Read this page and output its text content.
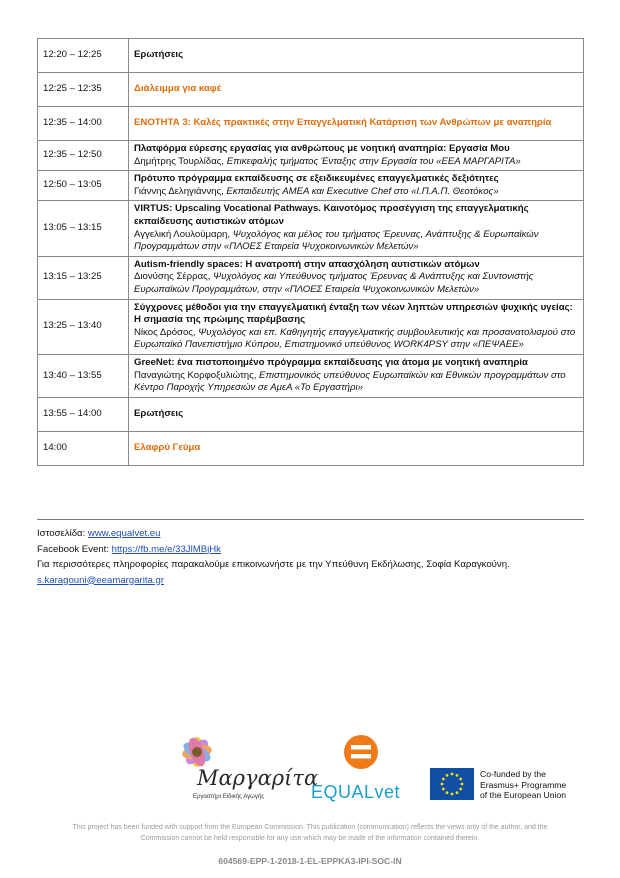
12:20 – 12:25	Ερωτήσεις

12:25 – 12:35	Διάλειμμα για καφέ

12:35 – 14:00	ΕΝΟΤΗΤΑ 3: Καλές πρακτικές στην Επαγγελματική Κατάρτιση των Ανθρώπων με αναπηρία

12:35 – 12:50	Πλατφόρμα εύρεσης εργασίας για ανθρώπους με νοητική αναπηρία: Εργασία Μου
Δημήτρης Τουρλίδας, Επικεφαλής τμήματος Ένταξης στην Εργασία του «ΕΕΑ ΜΑΡΓΑΡΙΤΑ»

12:50 – 13:05	Πρότυπο πρόγραμμα εκπαίδευσης σε εξειδικευμένες επαγγελματικές δεξιότητες
Γιάννης Δεληγιάννης, Εκπαιδευτής ΑΜΕΑ και Executive Chef στο «Ι.Π.Α.Π. Θεοτόκος»

13:05 – 13:15	VIRTUS: Upscaling Vocational Pathways. Καινοτόμος προσέγγιση της επαγγελματικής εκπαίδευσης αυτιστικών ατόμων
Αγγελική Λουλούμαρη, Ψυχολόγος και μέλος του τμήματος Έρευνας, Ανάπτυξης & Ευρωπαϊκών Προγραμμάτων στην «ΠΛΟΕΣ Εταιρεία Ψυχοκοινωνικών Μελετών»

13:15 – 13:25	Autism-friendly spaces: Η ανατροπή στην απασχόληση αυτιστικών ατόμων
Διονύσης Σέρρας, Ψυχολόγος και Υπεύθυνος τμήματος Έρευνας & Ανάπτυξης και Συντονιστής Ευρωπαϊκών Προγραμμάτων, στην «ΠΛΟΕΣ Εταιρεία Ψυχοκοινωνικών Μελετών»

13:25 – 13:40	Σύγχρονες μέθοδοι για την επαγγελματική ένταξη των νέων ληπτών υπηρεσιών ψυχικής υγείας: Η σημασία της πρώιμης παρέμβασης
Νίκος Δρόσος, Ψυχολόγος και επ. Καθηγητής επαγγελματικής συμβουλευτικής και προσανατολισμού στο Ευρωπαϊκό Πανεπιστήμιο Κύπρου, Επιστημονικό υπεύθυνος WORK4PSY στην «ΠΕΨΑΕΕ»

13:40 – 13:55	GreeNet: ένα πιστοποιημένο πρόγραμμα εκπαίδευσης για άτομα με νοητική αναπηρία
Παναγιώτης Κορφοξυλιώτης, Επιστημονικός υπεύθυνος Ευρωπαϊκών και Εθνικών προγραμμάτων στο Κέντρο Παροχής Υπηρεσιών σε ΑμεΑ «Το Εργαστήρι»

13:55 – 14:00	Ερωτήσεις

14:00	Ελαφρύ Γεύμα

Ιστοσελίδα: www.equalvet.eu

Facebook Event: https://fb.me/e/33JlMBjHk

Για περισσότερες πληροφορίες παρακαλούμε επικοινωνήστε με την Υπεύθυνη Εκδήλωσης, Σοφία Καραγκούνη.

s.karagouni@eeamargarita.gr

Μαργαρίτα
Εργαστήρι Ειδικής Αγωγής	EQUALvet
Co-funded by the
Erasmus+ Programme
of the European Union
This project has been funded with support from the European Commission. This publication (communication) reflects the views only of the author, and the Commission cannot be held responsible for any use which may be made of the information contained therein.
604569-EPP-1-2018-1-EL-EPPKA3-IPI-SOC-IN
